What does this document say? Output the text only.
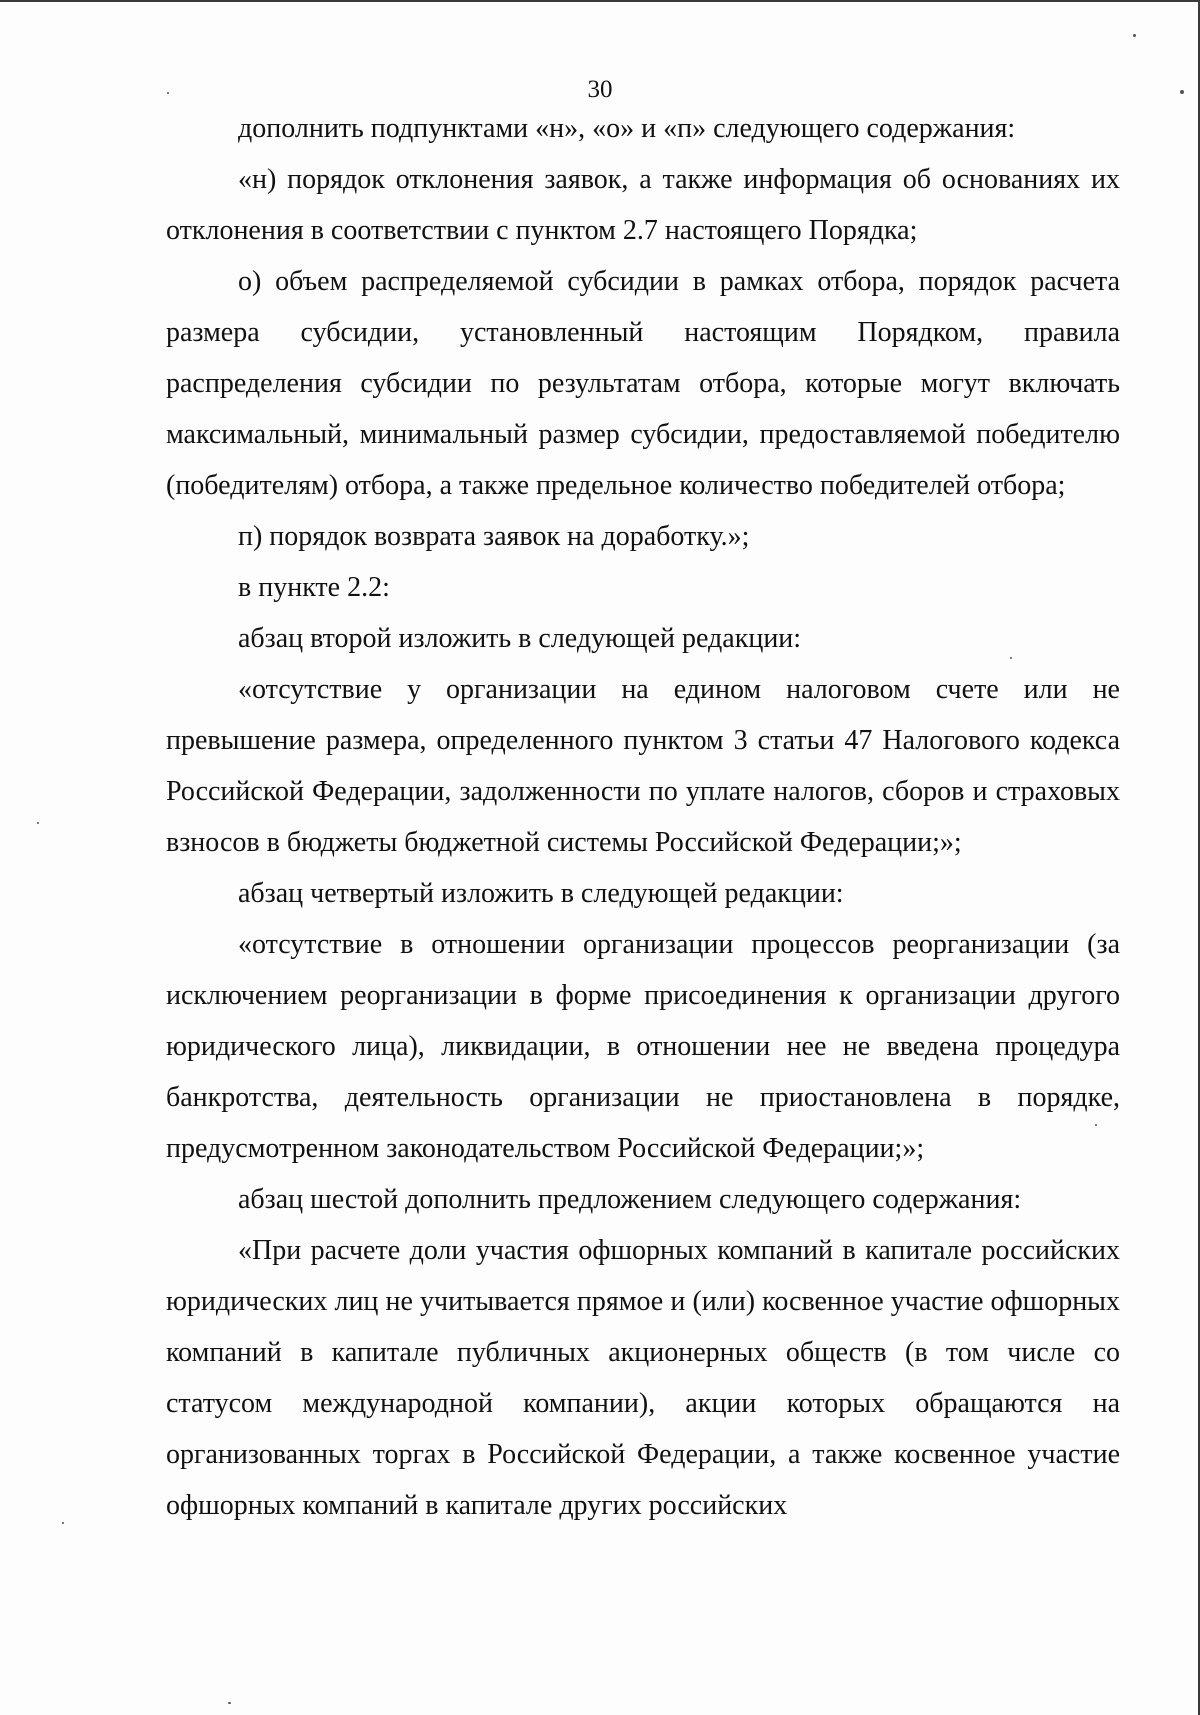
30

дополнить подпунктами «н», «о» и «п» следующего содержания:

«н) порядок отклонения заявок, а также информация об основаниях их отклонения в соответствии с пунктом 2.7 настоящего Порядка;

о) объем распределяемой субсидии в рамках отбора, порядок расчета размера субсидии, установленный настоящим Порядком, правила распределения субсидии по результатам отбора, которые могут включать максимальный, минимальный размер субсидии, предоставляемой победителю (победителям) отбора, а также предельное количество победителей отбора;

п) порядок возврата заявок на доработку.»;

в пункте 2.2:

абзац второй изложить в следующей редакции:

«отсутствие у организации на едином налоговом счете или не превышение размера, определенного пунктом 3 статьи 47 Налогового кодекса Российской Федерации, задолженности по уплате налогов, сборов и страховых взносов в бюджеты бюджетной системы Российской Федерации;»;

абзац четвертый изложить в следующей редакции:

«отсутствие в отношении организации процессов реорганизации (за исключением реорганизации в форме присоединения к организации другого юридического лица), ликвидации, в отношении нее не введена процедура банкротства, деятельность организации не приостановлена в порядке, предусмотренном законодательством Российской Федерации;»;

абзац шестой дополнить предложением следующего содержания:

«При расчете доли участия офшорных компаний в капитале российских юридических лиц не учитывается прямое и (или) косвенное участие офшорных компаний в капитале публичных акционерных обществ (в том числе со статусом международной компании), акции которых обращаются на организованных торгах в Российской Федерации, а также косвенное участие офшорных компаний в капитале других российских
